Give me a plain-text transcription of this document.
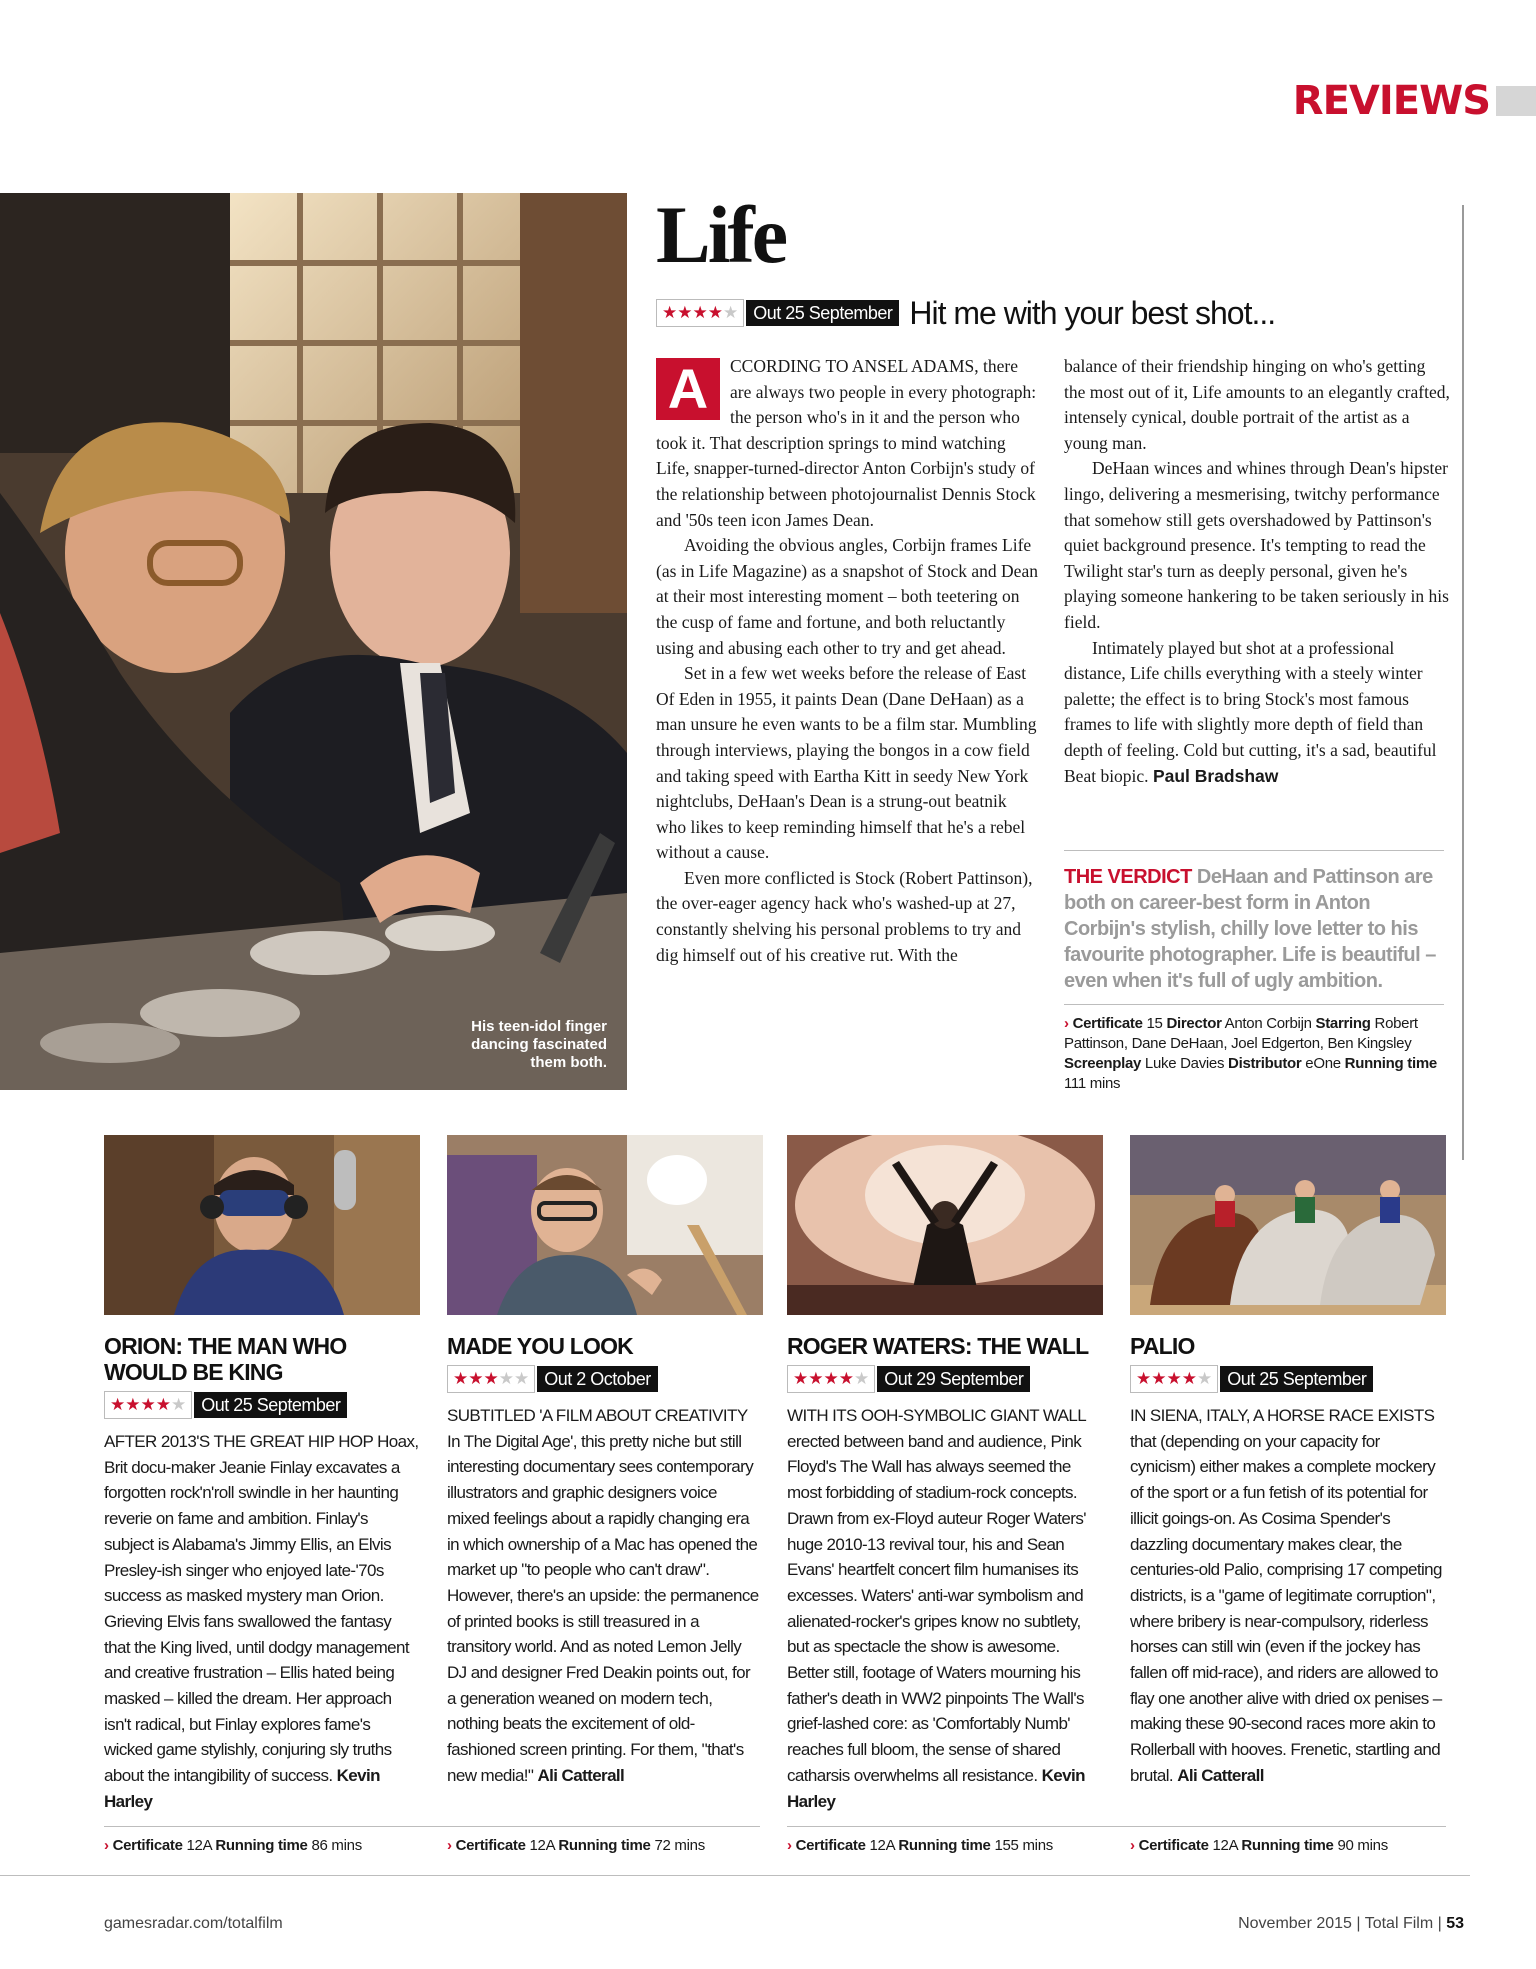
REVIEWS
His teen-idol finger dancing fascinated them both.
Life
★ ★ ★ ★ ★ Out 25 September Hit me with your best shot...

A	CCORDING TO ANSEL ADAMS, there are always two people in every photograph: the person who's in it and the person who took it. That description springs to mind watching Life, snapper-turned-director Anton Corbijn's study of the relationship between photojournalist Dennis Stock and '50s teen icon James Dean.

Avoiding the obvious angles, Corbijn frames Life (as in Life Magazine) as a snapshot of Stock and Dean at their most interesting moment – both teetering on the cusp of fame and fortune, and both reluctantly using and abusing each other to try and get ahead.

Set in a few wet weeks before the release of East Of Eden in 1955, it paints Dean (Dane DeHaan) as a man unsure he even wants to be a film star. Mumbling through interviews, playing the bongos in a cow field and taking speed with Eartha Kitt in seedy New York nightclubs, DeHaan's Dean is a strung-out beatnik who likes to keep reminding himself that he's a rebel without a cause.

Even more conflicted is Stock (Robert Pattinson), the over-eager agency hack who's washed-up at 27, constantly shelving his personal problems to try and dig himself out of his creative rut. With the

balance of their friendship hinging on who's getting the most out of it, Life amounts to an elegantly crafted, intensely cynical, double portrait of the artist as a young man.

DeHaan winces and whines through Dean's hipster lingo, delivering a mesmerising, twitchy performance that somehow still gets overshadowed by Pattinson's quiet background presence. It's tempting to read the Twilight star's turn as deeply personal, given he's playing someone hankering to be taken seriously in his field.

Intimately played but shot at a professional distance, Life chills everything with a steely winter palette; the effect is to bring Stock's most famous frames to life with slightly more depth of field than depth of feeling. Cold but cutting, it's a sad, beautiful Beat biopic. Paul Bradshaw

THE VERDICT DeHaan and Pattinson are both on career-best form in Anton Corbijn's stylish, chilly love letter to his favourite photographer. Life is beautiful – even when it's full of ugly ambition.
› Certificate 15 Director Anton Corbijn Starring Robert Pattinson, Dane DeHaan, Joel Edgerton, Ben Kingsley Screenplay Luke Davies Distributor eOne Running time 111 mins
ORION: THE MAN WHO WOULD BE KING
★ ★ ★ ★ ★ Out 25 September
AFTER 2013'S THE GREAT HIP HOP Hoax, Brit docu-maker Jeanie Finlay excavates a forgotten rock'n'roll swindle in her haunting reverie on fame and ambition. Finlay's subject is Alabama's Jimmy Ellis, an Elvis Presley-ish singer who enjoyed late-'70s success as masked mystery man Orion. Grieving Elvis fans swallowed the fantasy that the King lived, until dodgy management and creative frustration – Ellis hated being masked – killed the dream. Her approach isn't radical, but Finlay explores fame's wicked game stylishly, conjuring sly truths about the intangibility of success. Kevin Harley
MADE YOU LOOK
★ ★ ★ ★ ★ Out 2 October
SUBTITLED 'A FILM ABOUT CREATIVITY In The Digital Age', this pretty niche but still interesting documentary sees contemporary illustrators and graphic designers voice mixed feelings about a rapidly changing era in which ownership of a Mac has opened the market up "to people who can't draw". However, there's an upside: the permanence of printed books is still treasured in a transitory world. And as noted Lemon Jelly DJ and designer Fred Deakin points out, for a generation weaned on modern tech, nothing beats the excitement of old-fashioned screen printing. For them, "that's new media!" Ali Catterall
ROGER WATERS: THE WALL
★ ★ ★ ★ ★ Out 29 September
WITH ITS OOH-SYMBOLIC GIANT WALL erected between band and audience, Pink Floyd's The Wall has always seemed the most forbidding of stadium-rock concepts. Drawn from ex-Floyd auteur Roger Waters' huge 2010-13 revival tour, his and Sean Evans' heartfelt concert film humanises its excesses. Waters' anti-war symbolism and alienated-rocker's gripes know no subtlety, but as spectacle the show is awesome. Better still, footage of Waters mourning his father's death in WW2 pinpoints The Wall's grief-lashed core: as 'Comfortably Numb' reaches full bloom, the sense of shared catharsis overwhelms all resistance. Kevin Harley
PALIO
★ ★ ★ ★ ★ Out 25 September
IN SIENA, ITALY, A HORSE RACE EXISTS that (depending on your capacity for cynicism) either makes a complete mockery of the sport or a fun fetish of its potential for illicit goings-on. As Cosima Spender's dazzling documentary makes clear, the centuries-old Palio, comprising 17 competing districts, is a "game of legitimate corruption", where bribery is near-compulsory, riderless horses can still win (even if the jockey has fallen off mid-race), and riders are allowed to flay one another alive with dried ox penises – making these 90-second races more akin to Rollerball with hooves. Frenetic, startling and brutal. Ali Catterall
› Certificate 12A Running time 86 mins	› Certificate 12A Running time 72 mins	› Certificate 12A Running time 155 mins	› Certificate 12A Running time 90 mins
gamesradar.com/totalfilm	November 2015 | Total Film | 53
